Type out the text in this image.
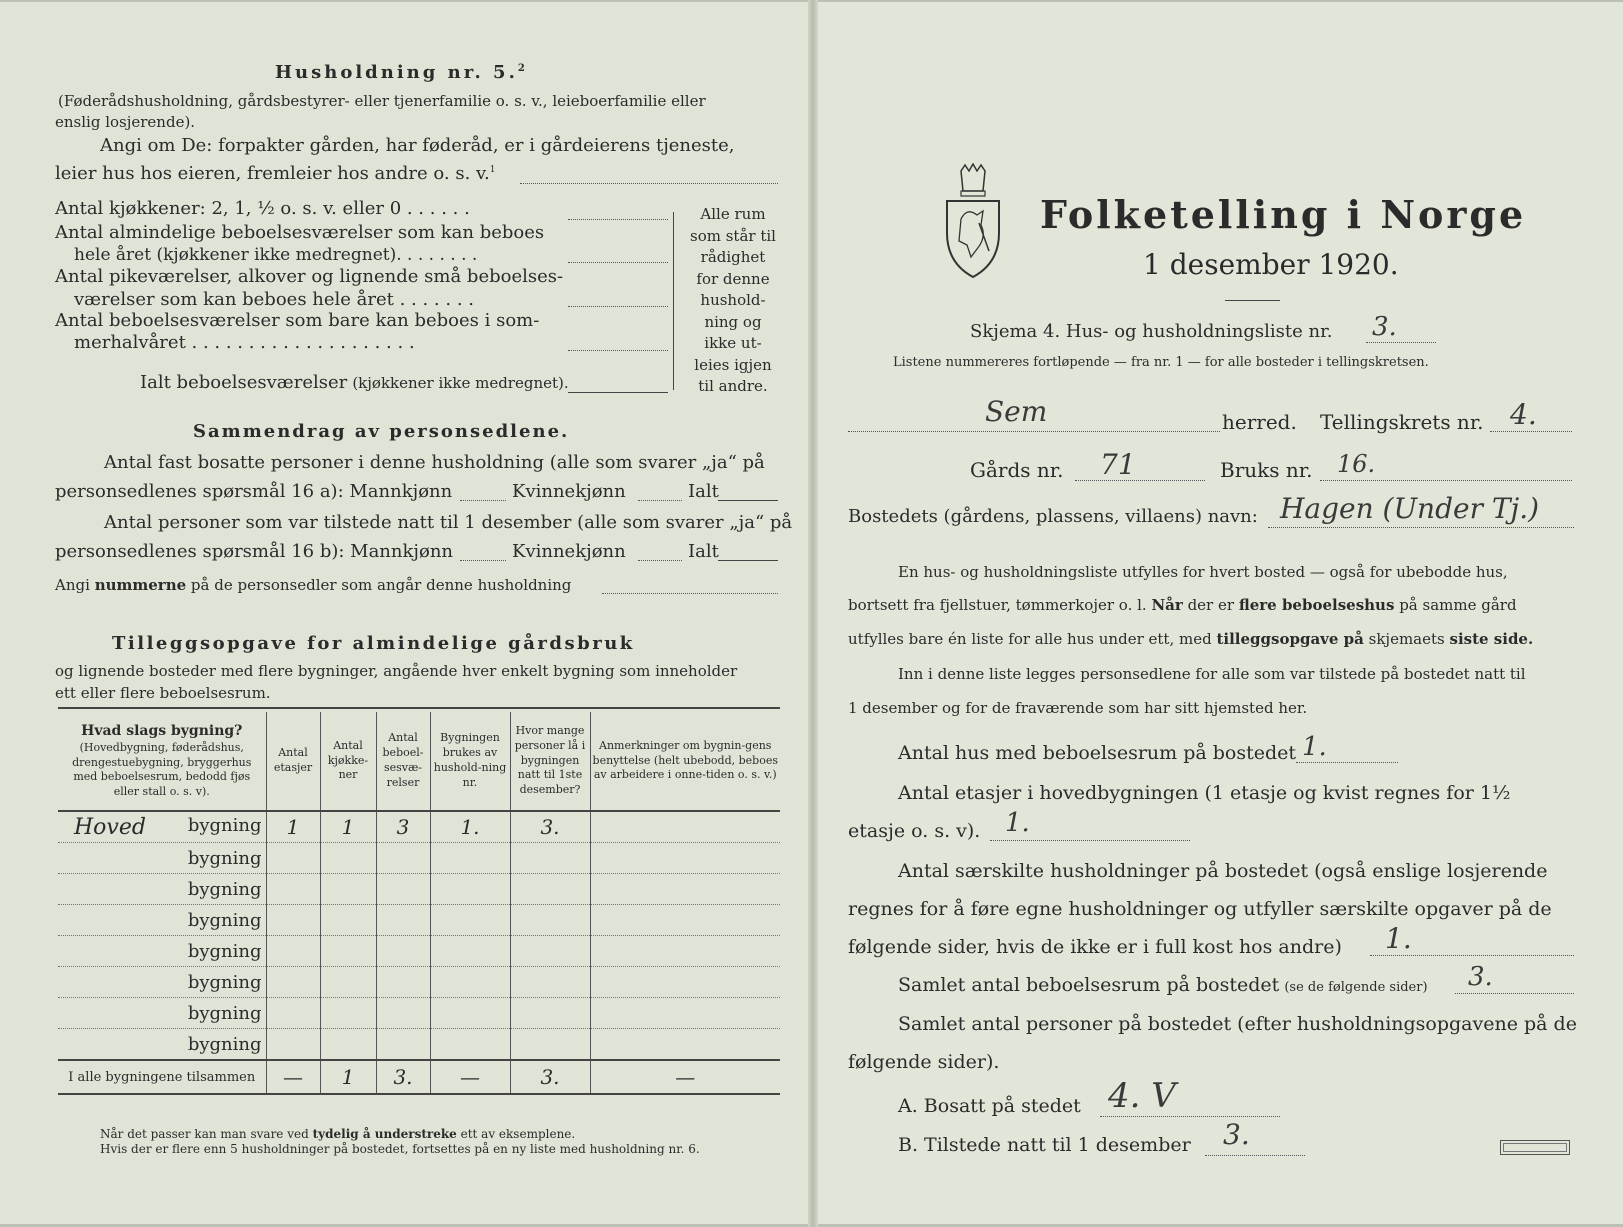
Husholdning nr. 5.$^2$
(Føderådshusholdning, gårdsbestyrer- eller tjenerfamilie o. s. v., leieboerfamilie eller
enslig losjerende).
Angi om De: forpakter gården, har føderåd, er i gårdeierens tjeneste,
leier hus hos eieren, fremleier hos andre o. s. v.$^1$
Antal kjøkkener: 2, 1, ½ o. s. v. eller 0 . . . . . .
Antal almindelige beboelsesværelser som kan beboes
hele året (kjøkkener ikke medregnet). . . . . . . .
Antal pikeværelser, alkover og lignende små beboelses-
værelser som kan beboes hele året . . . . . . .
Antal beboelsesværelser som bare kan beboes i som-
merhalvåret . . . . . . . . . . . . . . . . . . . .
Ialt beboelsesværelser (kjøkkener ikke medregnet).
Alle rum
som står til
rådighet
for denne
hushold-
ning og
ikke ut-
leies igjen
til andre.
Sammendrag av personsedlene.
Antal fast bosatte personer i denne husholdning (alle som svarer „ja“ på
personsedlenes spørsmål 16 a): Mannkjønn	Kvinnekjønn	Ialt
Antal personer som var tilstede natt til 1 desember (alle som svarer „ja“ på
personsedlenes spørsmål 16 b): Mannkjønn	Kvinnekjønn	Ialt
Angi nummerne på de personsedler som angår denne husholdning
Tilleggsopgave for almindelige gårdsbruk
og lignende bosteder med flere bygninger, angående hver enkelt bygning som inneholder
ett eller flere beboelsesrum.
Hvad slags bygning?
(Hovedbygning, føderådshus, drengestuebygning, bryggerhus med beboelsesrum, bedodd fjøs eller stall o. s. v).	Antal etasjer	Antal kjøkke-ner	Antal beboel-sesvæ-relser	Bygningen brukes av hushold-ning nr.	Hvor mange personer lå i bygningen natt til 1ste desember?	Anmerkninger om bygnin-gens benyttelse (helt ubebodd, beboes av arbeidere i onne-tiden o. s. v.)

Hoved bygning	1	1	3	1.	3.	
bygning						
bygning						
bygning						
bygning						
bygning						
bygning						
bygning						
I alle bygningene tilsammen	—	1	3.	—	3.	—
Når det passer kan man svare ved tydelig å understreke ett av eksemplene.
Hvis der er flere enn 5 husholdninger på bostedet, fortsettes på en ny liste med husholdning nr. 6.
Folketelling i Norge
1 desember 1920.
Skjema 4. Hus- og husholdningsliste nr. 3.
Listene nummereres fortløpende — fra nr. 1 — for alle bosteder i tellingskretsen.
Sem	herred. Tellingskrets nr. 4.
Gårds nr. 71	Bruks nr. 16.
Bostedets (gårdens, plassens, villaens) navn: Hagen (Under Tj.)
En hus- og husholdningsliste utfylles for hvert bosted — også for ubebodde hus,
bortsett fra fjellstuer, tømmerkojer o. l. Når der er flere beboelseshus på samme gård
utfylles bare én liste for alle hus under ett, med tilleggsopgave på skjemaets siste side.
Inn i denne liste legges personsedlene for alle som var tilstede på bostedet natt til
1 desember og for de fraværende som har sitt hjemsted her.
Antal hus med beboelsesrum på bostedet 1.
Antal etasjer i hovedbygningen (1 etasje og kvist regnes for 1½
etasje o. s. v). 1.
Antal særskilte husholdninger på bostedet (også enslige losjerende
regnes for å føre egne husholdninger og utfyller særskilte opgaver på de
følgende sider, hvis de ikke er i full kost hos andre) 1.
Samlet antal beboelsesrum på bostedet (se de følgende sider) 3.
Samlet antal personer på bostedet (efter husholdningsopgavene på de
følgende sider).
A. Bosatt på stedet 4. V
B. Tilstede natt til 1 desember 3.
